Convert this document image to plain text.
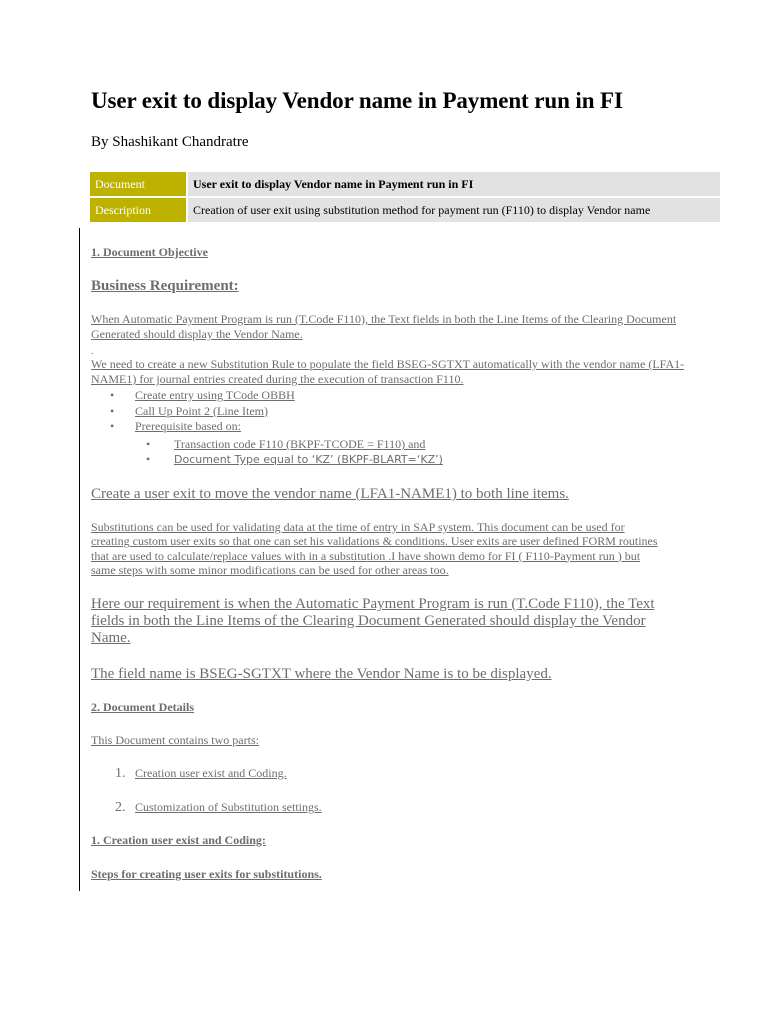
User exit to display Vendor name in Payment run in FI

By Shashikant Chandratre

Document	User exit to display Vendor name in Payment run in FI
Description	Creation of user exit using substitution method for payment run (F110) to display Vendor name

1. Document Objective

Business Requirement:

When Automatic Payment Program is run (T.Code F110), the Text fields in both the Line Items of the Clearing Document Generated should display the Vendor Name.

.

We need to create a new Substitution Rule to populate the field BSEG-SGTXT automatically with the vendor name (LFA1-NAME1) for journal entries created during the execution of transaction F110.

• Create entry using TCode OBBH
• Call Up Point 2 (Line Item)
• Prerequisite based on:
• Transaction code F110 (BKPF-TCODE = F110) and
• Document Type equal to ‘KZ’ (BKPF-BLART=‘KZ’)

Create a user exit to move the vendor name (LFA1-NAME1) to both line items.

Substitutions can be used for validating data at the time of entry in SAP system. This document can be used for creating custom user exits so that one can set his validations & conditions. User exits are user defined FORM routines that are used to calculate/replace values with in a substitution .I have shown demo for FI ( F110-Payment run ) but same steps with some minor modifications can be used for other areas too.

Here our requirement is when the Automatic Payment Program is run (T.Code F110), the Text fields in both the Line Items of the Clearing Document Generated should display the Vendor Name.

The field name is BSEG-SGTXT where the Vendor Name is to be displayed.

2. Document Details

This Document contains two parts:

1. Creation user exist and Coding.

2. Customization of Substitution settings.

1. Creation user exist and Coding:

Steps for creating user exits for substitutions.
